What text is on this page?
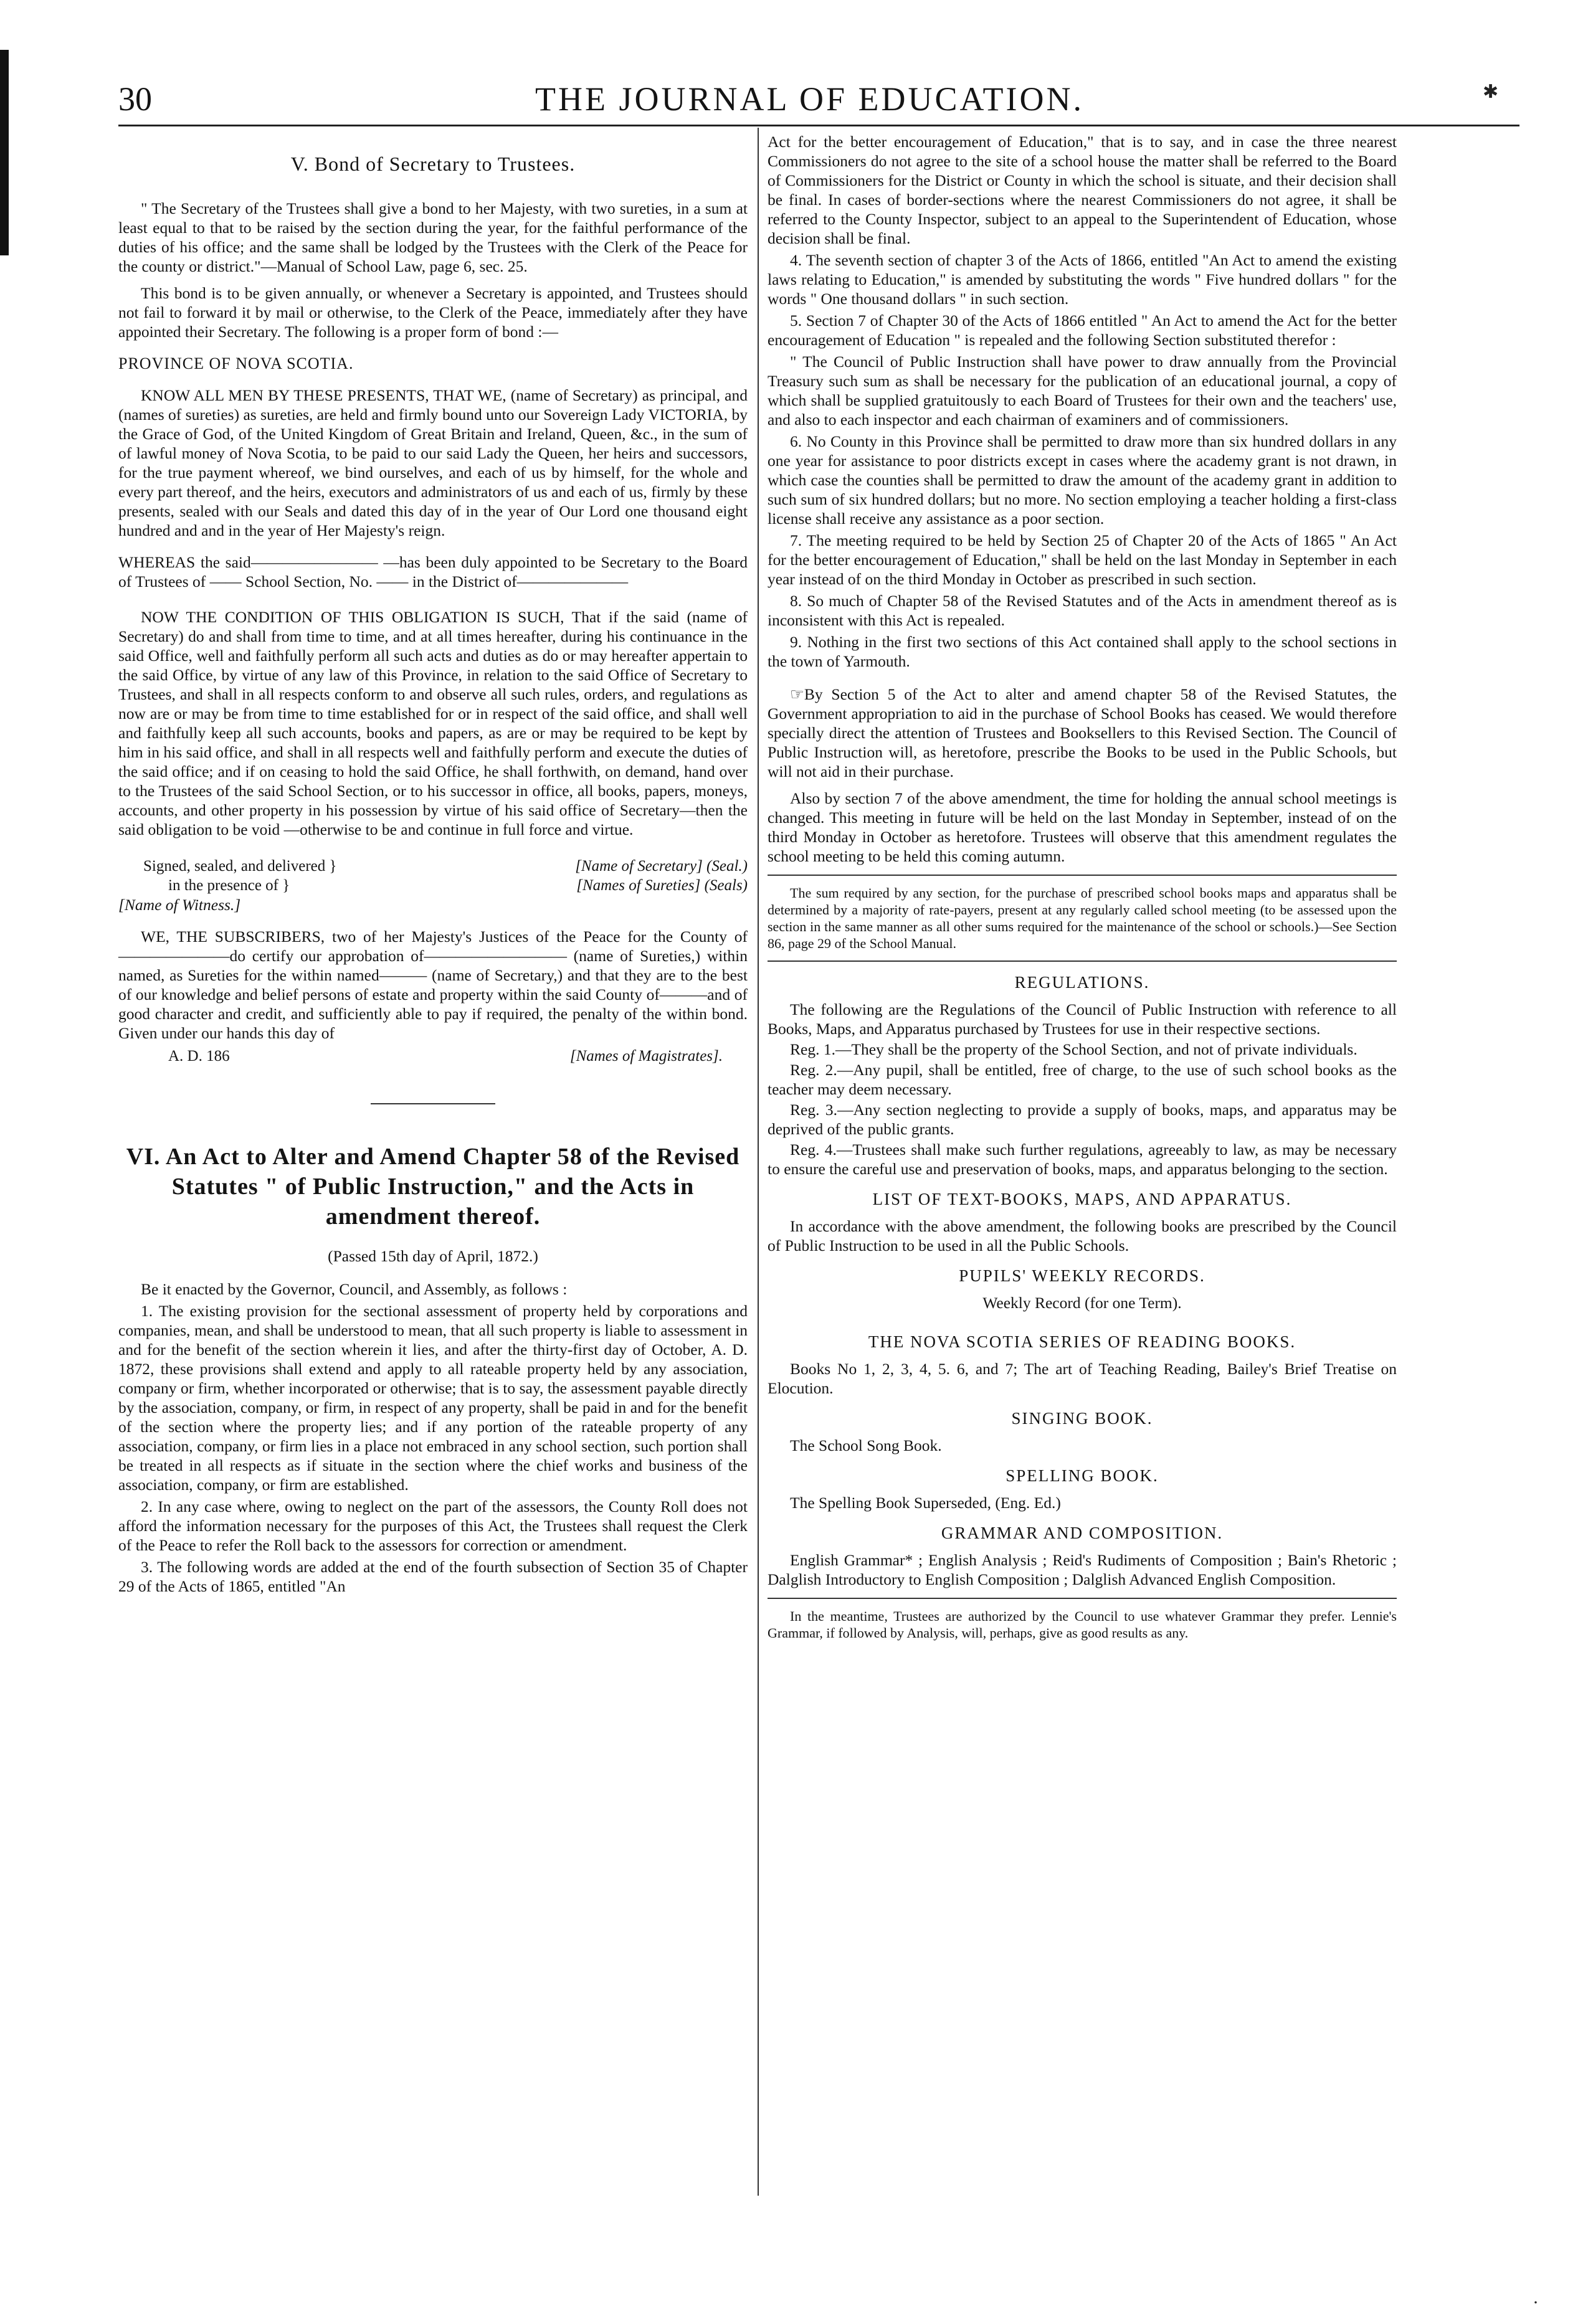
30	THE JOURNAL OF EDUCATION.
V. Bond of Secretary to Trustees.

" The Secretary of the Trustees shall give a bond to her Majesty, with two sureties, in a sum at least equal to that to be raised by the section during the year, for the faithful performance of the duties of his office; and the same shall be lodged by the Trustees with the Clerk of the Peace for the county or district."—Manual of School Law, page 6, sec. 25.

This bond is to be given annually, or whenever a Secretary is appointed, and Trustees should not fail to forward it by mail or otherwise, to the Clerk of the Peace, immediately after they have appointed their Secretary. The following is a proper form of bond :—

PROVINCE OF NOVA SCOTIA.

KNOW ALL MEN BY THESE PRESENTS, THAT WE, (name of Secretary) as principal, and (names of sureties) as sureties, are held and firmly bound unto our Sovereign Lady VICTORIA, by the Grace of God, of the United Kingdom of Great Britain and Ireland, Queen, &c., in the sum of of lawful money of Nova Scotia, to be paid to our said Lady the Queen, her heirs and successors, for the true payment whereof, we bind ourselves, and each of us by himself, for the whole and every part thereof, and the heirs, executors and administrators of us and each of us, firmly by these presents, sealed with our Seals and dated this day of in the year of Our Lord one thousand eight hundred and and in the year of Her Majesty's reign.

WHEREAS the said———————— —has been duly appointed to be Secretary to the Board of Trustees of —— School Section, No. —— in the District of———————

NOW THE CONDITION OF THIS OBLIGATION IS SUCH, That if the said (name of Secretary) do and shall from time to time, and at all times hereafter, during his continuance in the said Office, well and faithfully perform all such acts and duties as do or may hereafter appertain to the said Office, by virtue of any law of this Province, in relation to the said Office of Secretary to Trustees, and shall in all respects conform to and observe all such rules, orders, and regulations as now are or may be from time to time established for or in respect of the said office, and shall well and faithfully keep all such accounts, books and papers, as are or may be required to be kept by him in his said office, and shall in all respects well and faithfully perform and execute the duties of the said office; and if on ceasing to hold the said Office, he shall forthwith, on demand, hand over to the Trustees of the said School Section, or to his successor in office, all books, papers, moneys, accounts, and other property in his possession by virtue of his said office of Secretary—then the said obligation to be void —otherwise to be and continue in full force and virtue.

Signed, sealed, and delivered }	[Name of Secretary] (Seal.)
in the presence of }	[Names of Sureties] (Seals)
[Name of Witness.]

WE, THE SUBSCRIBERS, two of her Majesty's Justices of the Peace for the County of———————do certify our approbation of————————— (name of Sureties,) within named, as Sureties for the within named——— (name of Secretary,) and that they are to the best of our knowledge and belief persons of estate and property within the said County of———and of good character and credit, and sufficiently able to pay if required, the penalty of the within bond. Given under our hands this day of

A. D. 186	[Names of Magistrates].
VI. An Act to Alter and Amend Chapter 58 of the Revised Statutes " of Public Instruction," and the Acts in amendment thereof.
(Passed 15th day of April, 1872.)

Be it enacted by the Governor, Council, and Assembly, as follows :

1. The existing provision for the sectional assessment of property held by corporations and companies, mean, and shall be understood to mean, that all such property is liable to assessment in and for the benefit of the section wherein it lies, and after the thirty-first day of October, A. D. 1872, these provisions shall extend and apply to all rateable property held by any association, company or firm, whether incorporated or otherwise; that is to say, the assessment payable directly by the association, company, or firm, in respect of any property, shall be paid in and for the benefit of the section where the property lies; and if any portion of the rateable property of any association, company, or firm lies in a place not embraced in any school section, such portion shall be treated in all respects as if situate in the section where the chief works and business of the association, company, or firm are established.

2. In any case where, owing to neglect on the part of the assessors, the County Roll does not afford the information necessary for the purposes of this Act, the Trustees shall request the Clerk of the Peace to refer the Roll back to the assessors for correction or amendment.

3. The following words are added at the end of the fourth subsection of Section 35 of Chapter 29 of the Acts of 1865, entitled "An

Act for the better encouragement of Education," that is to say, and in case the three nearest Commissioners do not agree to the site of a school house the matter shall be referred to the Board of Commissioners for the District or County in which the school is situate, and their decision shall be final. In cases of border-sections where the nearest Commissioners do not agree, it shall be referred to the County Inspector, subject to an appeal to the Superintendent of Education, whose decision shall be final.

4. The seventh section of chapter 3 of the Acts of 1866, entitled "An Act to amend the existing laws relating to Education," is amended by substituting the words " Five hundred dollars " for the words " One thousand dollars " in such section.

5. Section 7 of Chapter 30 of the Acts of 1866 entitled " An Act to amend the Act for the better encouragement of Education " is repealed and the following Section substituted therefor :

" The Council of Public Instruction shall have power to draw annually from the Provincial Treasury such sum as shall be necessary for the publication of an educational journal, a copy of which shall be supplied gratuitously to each Board of Trustees for their own and the teachers' use, and also to each inspector and each chairman of examiners and of commissioners.

6. No County in this Province shall be permitted to draw more than six hundred dollars in any one year for assistance to poor districts except in cases where the academy grant is not drawn, in which case the counties shall be permitted to draw the amount of the academy grant in addition to such sum of six hundred dollars; but no more. No section employing a teacher holding a first-class license shall receive any assistance as a poor section.

7. The meeting required to be held by Section 25 of Chapter 20 of the Acts of 1865 " An Act for the better encouragement of Education," shall be held on the last Monday in September in each year instead of on the third Monday in October as prescribed in such section.

8. So much of Chapter 58 of the Revised Statutes and of the Acts in amendment thereof as is inconsistent with this Act is repealed.

9. Nothing in the first two sections of this Act contained shall apply to the school sections in the town of Yarmouth.

☞By Section 5 of the Act to alter and amend chapter 58 of the Revised Statutes, the Government appropriation to aid in the purchase of School Books has ceased. We would therefore specially direct the attention of Trustees and Booksellers to this Revised Section. The Council of Public Instruction will, as heretofore, prescribe the Books to be used in the Public Schools, but will not aid in their purchase.

Also by section 7 of the above amendment, the time for holding the annual school meetings is changed. This meeting in future will be held on the last Monday in September, instead of on the third Monday in October as heretofore. Trustees will observe that this amendment regulates the school meeting to be held this coming autumn.

The sum required by any section, for the purchase of prescribed school books maps and apparatus shall be determined by a majority of rate-payers, present at any regularly called school meeting (to be assessed upon the section in the same manner as all other sums required for the maintenance of the school or schools.)—See Section 86, page 29 of the School Manual.

REGULATIONS.

The following are the Regulations of the Council of Public Instruction with reference to all Books, Maps, and Apparatus purchased by Trustees for use in their respective sections.

Reg. 1.—They shall be the property of the School Section, and not of private individuals.

Reg. 2.—Any pupil, shall be entitled, free of charge, to the use of such school books as the teacher may deem necessary.

Reg. 3.—Any section neglecting to provide a supply of books, maps, and apparatus may be deprived of the public grants.

Reg. 4.—Trustees shall make such further regulations, agreeably to law, as may be necessary to ensure the careful use and preservation of books, maps, and apparatus belonging to the section.

LIST OF TEXT-BOOKS, MAPS, AND APPARATUS.

In accordance with the above amendment, the following books are prescribed by the Council of Public Instruction to be used in all the Public Schools.

PUPILS' WEEKLY RECORDS.
Weekly Record (for one Term).
THE NOVA SCOTIA SERIES OF READING BOOKS.

Books No 1, 2, 3, 4, 5. 6, and 7; The art of Teaching Reading, Bailey's Brief Treatise on Elocution.

SINGING BOOK.

The School Song Book.

SPELLING BOOK.

The Spelling Book Superseded, (Eng. Ed.)

GRAMMAR AND COMPOSITION.

English Grammar* ; English Analysis ; Reid's Rudiments of Composition ; Bain's Rhetoric ; Dalglish Introductory to English Composition ; Dalglish Advanced English Composition.

In the meantime, Trustees are authorized by the Council to use whatever Grammar they prefer. Lennie's Grammar, if followed by Analysis, will, perhaps, give as good results as any.

✱
·
